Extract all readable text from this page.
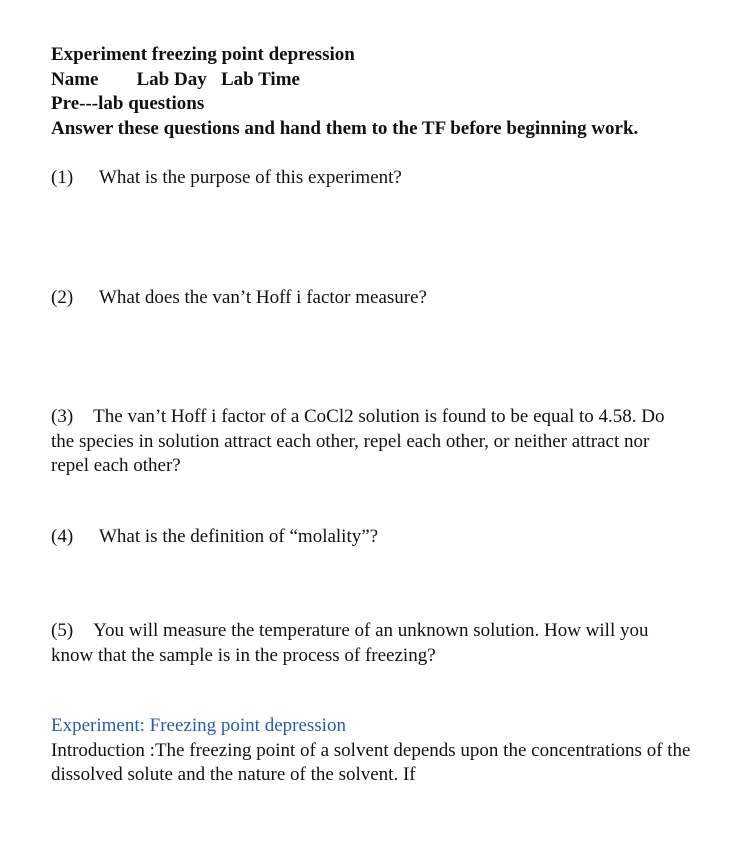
Experiment freezing point depression
Name Lab Day Lab Time
Pre---lab questions
Answer these questions and hand them to the TF before beginning work.
(1) What is the purpose of this experiment?
(2) What does the van’t Hoff i factor measure?
(3) The van’t Hoff i factor of a CoCl2 solution is found to be equal to 4.58. Do the species in solution attract each other, repel each other, or neither attract nor repel each other?
(4) What is the definition of “molality”?
(5) You will measure the temperature of an unknown solution. How will you know that the sample is in the process of freezing?
Experiment: Freezing point depression
Introduction :The freezing point of a solvent depends upon the concentrations of the dissolved solute and the nature of the solvent. If
